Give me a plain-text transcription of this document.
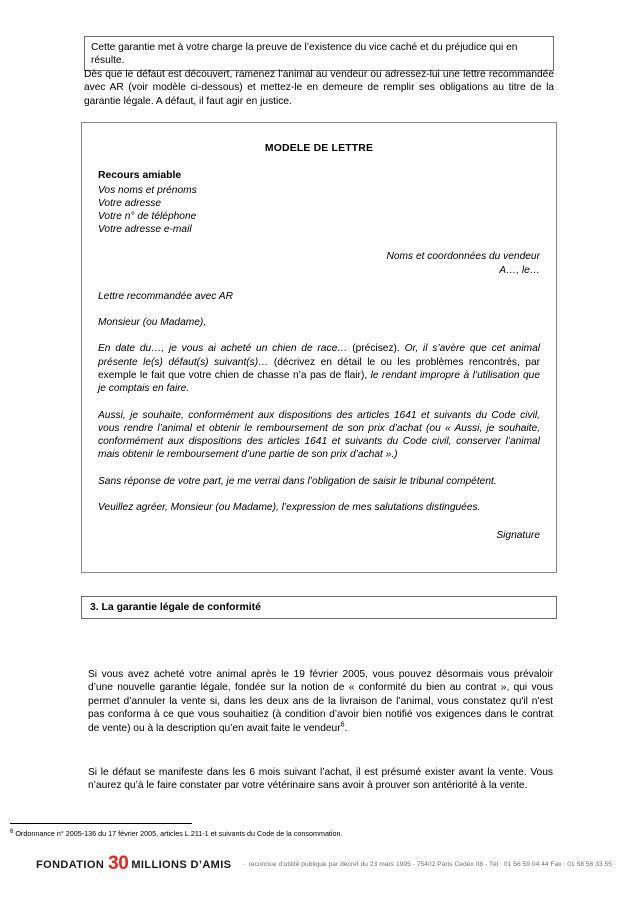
Cette garantie met à votre charge la preuve de l’existence du vice caché et du préjudice qui en résulte.
Dès que le défaut est découvert, ramenez l’animal au vendeur ou adressez-lui une lettre recommandée avec AR (voir modèle ci-dessous) et mettez-le en demeure de remplir ses obligations au titre de la garantie légale. A défaut, il faut agir en justice.
MODELE DE LETTRE
Recours amiable
Vos noms et prénoms
Votre adresse
Votre n° de téléphone
Votre adresse e-mail
Noms et coordonnées du vendeur
A…, le…
Lettre recommandée avec AR
Monsieur (ou Madame),
En date du…, je vous ai acheté un chien de race… (précisez). Or, il s’avère que cet animal présente le(s) défaut(s) suivant(s)… (décrivez en détail le ou les problèmes rencontrés, par exemple le fait que votre chien de chasse n’a pas de flair), le rendant impropre à l’utilisation que je comptais en faire.
Aussi, je souhaite, conformément aux dispositions des articles 1641 et suivants du Code civil, vous rendre l’animal et obtenir le remboursement de son prix d’achat (ou « Aussi, je souhaite, conformément aux dispositions des articles 1641 et suivants du Code civil, conserver l’animal mais obtenir le remboursement d’une partie de son prix d’achat ».)
Sans réponse de votre part, je me verrai dans l’obligation de saisir le tribunal compétent.
Veuillez agréer, Monsieur (ou Madame), l’expression de mes salutations distinguées.
Signature
3. La garantie légale de conformité
Si vous avez acheté votre animal après le 19 février 2005, vous pouvez désormais vous prévaloir d’une nouvelle garantie légale, fondée sur la notion de « conformité du bien au contrat », qui vous permet d’annuler la vente si, dans les deux ans de la livraison de l’animal, vous constatez qu'il n'est pas conforma à ce que vous souhaitiez (à condition d’avoir bien notifié vos exigences dans le contrat de vente) ou à la description qu’en avait faite le vendeur$^6$.
Si le défaut se manifeste dans les 6 mois suivant l’achat, il est présumé exister avant la vente. Vous n’aurez qu’à le faire constater par votre vétérinaire sans avoir à prouver son antériorité à la vente.
$^6$ Ordonnance n° 2005-136 du 17 février 2005, articles L.211-1 et suivants du Code de la consommation.
FONDATION 30 MILLIONS D’AMIS - reconnue d’utilité publique par décret du 23 mars 1995 - 75402 Paris Cedex 08 - Tél : 01 56 59 04 44 Fax : 01 58 56 33 55
